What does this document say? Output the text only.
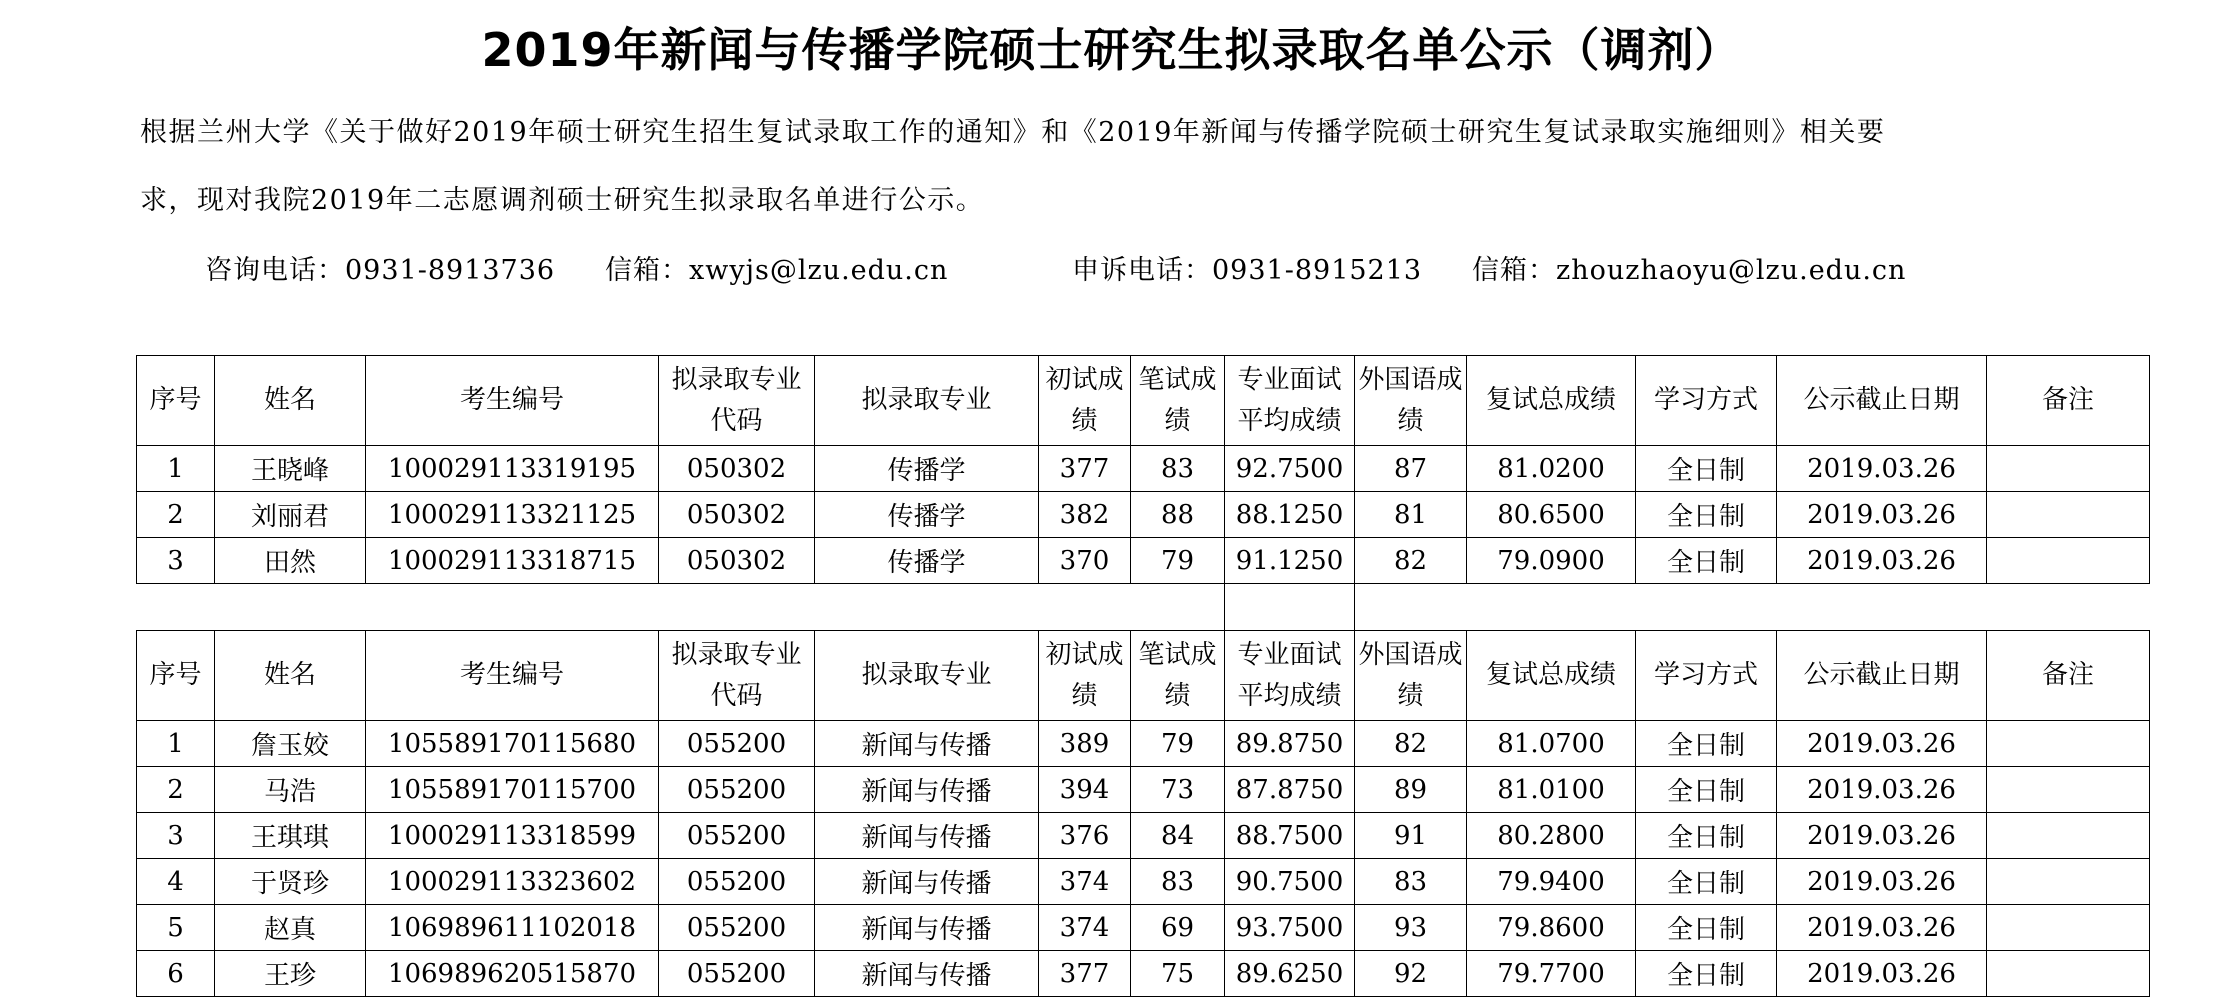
2019年新闻与传播学院硕士研究生拟录取名单公示（调剂）
根据兰州大学《关于做好2019年硕士研究生招生复试录取工作的通知》和《2019年新闻与传播学院硕士研究生复试录取实施细则》相关要
求，现对我院2019年二志愿调剂硕士研究生拟录取名单进行公示。
咨询电话：0931-8913736 信箱：xwyjs@lzu.edu.cn	申诉电话：0931-8915213 信箱：zhouzhaoyu@lzu.edu.cn
序号	姓名	考生编号	拟录取专业代码	拟录取专业	初试成绩	笔试成绩	专业面试平均成绩	外国语成绩	复试总成绩	学习方式	公示截止日期	备注
1	王晓峰	100029113319195	050302	传播学	377	83	92.7500	87	81.0200	全日制	2019.03.26	
2	刘丽君	100029113321125	050302	传播学	382	88	88.1250	81	80.6500	全日制	2019.03.26	
3	田然	100029113318715	050302	传播学	370	79	91.1250	82	79.0900	全日制	2019.03.26	
序号	姓名	考生编号	拟录取专业代码	拟录取专业	初试成绩	笔试成绩	专业面试平均成绩	外国语成绩	复试总成绩	学习方式	公示截止日期	备注
1	詹玉姣	105589170115680	055200	新闻与传播	389	79	89.8750	82	81.0700	全日制	2019.03.26	
2	马浩	105589170115700	055200	新闻与传播	394	73	87.8750	89	81.0100	全日制	2019.03.26	
3	王琪琪	100029113318599	055200	新闻与传播	376	84	88.7500	91	80.2800	全日制	2019.03.26	
4	于贤珍	100029113323602	055200	新闻与传播	374	83	90.7500	83	79.9400	全日制	2019.03.26	
5	赵真	106989611102018	055200	新闻与传播	374	69	93.7500	93	79.8600	全日制	2019.03.26	
6	王珍	106989620515870	055200	新闻与传播	377	75	89.6250	92	79.7700	全日制	2019.03.26	
